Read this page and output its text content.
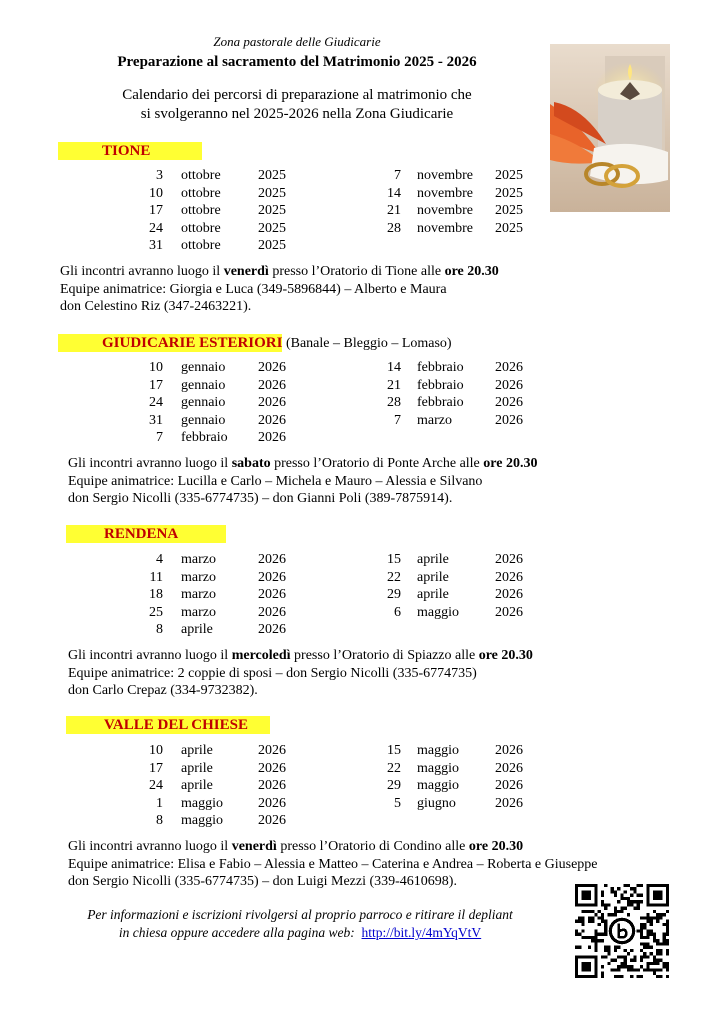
Zona pastorale delle Giudicarie
Preparazione al sacramento del Matrimonio 2025 - 2026
Calendario dei percorsi di preparazione al matrimonio che
si svolgeranno nel 2025-2026 nella Zona Giudicarie
TIONE
3 ottobre	2025
10 ottobre	2025
17 ottobre	2025
24 ottobre	2025
31 ottobre	2025
7 novembre 2025
14 novembre 2025
21 novembre 2025
28 novembre 2025
Gli incontri avranno luogo il venerdì presso l’Oratorio di Tione alle ore 20.30
Equipe animatrice: Giorgia e Luca (349-5896844) – Alberto e Maura
don Celestino Riz (347-2463221).
GIUDICARIE ESTERIORI (Banale – Bleggio – Lomaso)
10 gennaio 2026
17 gennaio 2026
24 gennaio 2026
31 gennaio 2026
7 febbraio 2026
14 febbraio 2026
21 febbraio 2026
28 febbraio 2026
7 marzo	2026
Gli incontri avranno luogo il sabato presso l’Oratorio di Ponte Arche alle ore 20.30
Equipe animatrice: Lucilla e Carlo – Michela e Mauro – Alessia e Silvano
don Sergio Nicolli (335-6774735) – don Gianni Poli (389-7875914).
RENDENA
4 marzo	2026
11 marzo	2026
18 marzo	2026
25 marzo	2026
8 aprile	2026
15 aprile	2026
22 aprile	2026
29 aprile	2026
6 maggio	2026
Gli incontri avranno luogo il mercoledì presso l’Oratorio di Spiazzo alle ore 20.30
Equipe animatrice: 2 coppie di sposi – don Sergio Nicolli (335-6774735)
don Carlo Crepaz (334-9732382).
VALLE DEL CHIESE
10 aprile	2026
17 aprile	2026
24 aprile	2026
1 maggio	2026
8 maggio	2026
15 maggio	2026
22 maggio	2026
29 maggio	2026
5 giugno	2026
Gli incontri avranno luogo il venerdì presso l’Oratorio di Condino alle ore 20.30
Equipe animatrice: Elisa e Fabio – Alessia e Matteo – Caterina e Andrea – Roberta e Giuseppe
don Sergio Nicolli (335-6774735) – don Luigi Mezzi (339-4610698).
Per informazioni e iscrizioni rivolgersi al proprio parroco e ritirare il depliant
in chiesa oppure accedere alla pagina web: http://bit.ly/4mYqVtV
